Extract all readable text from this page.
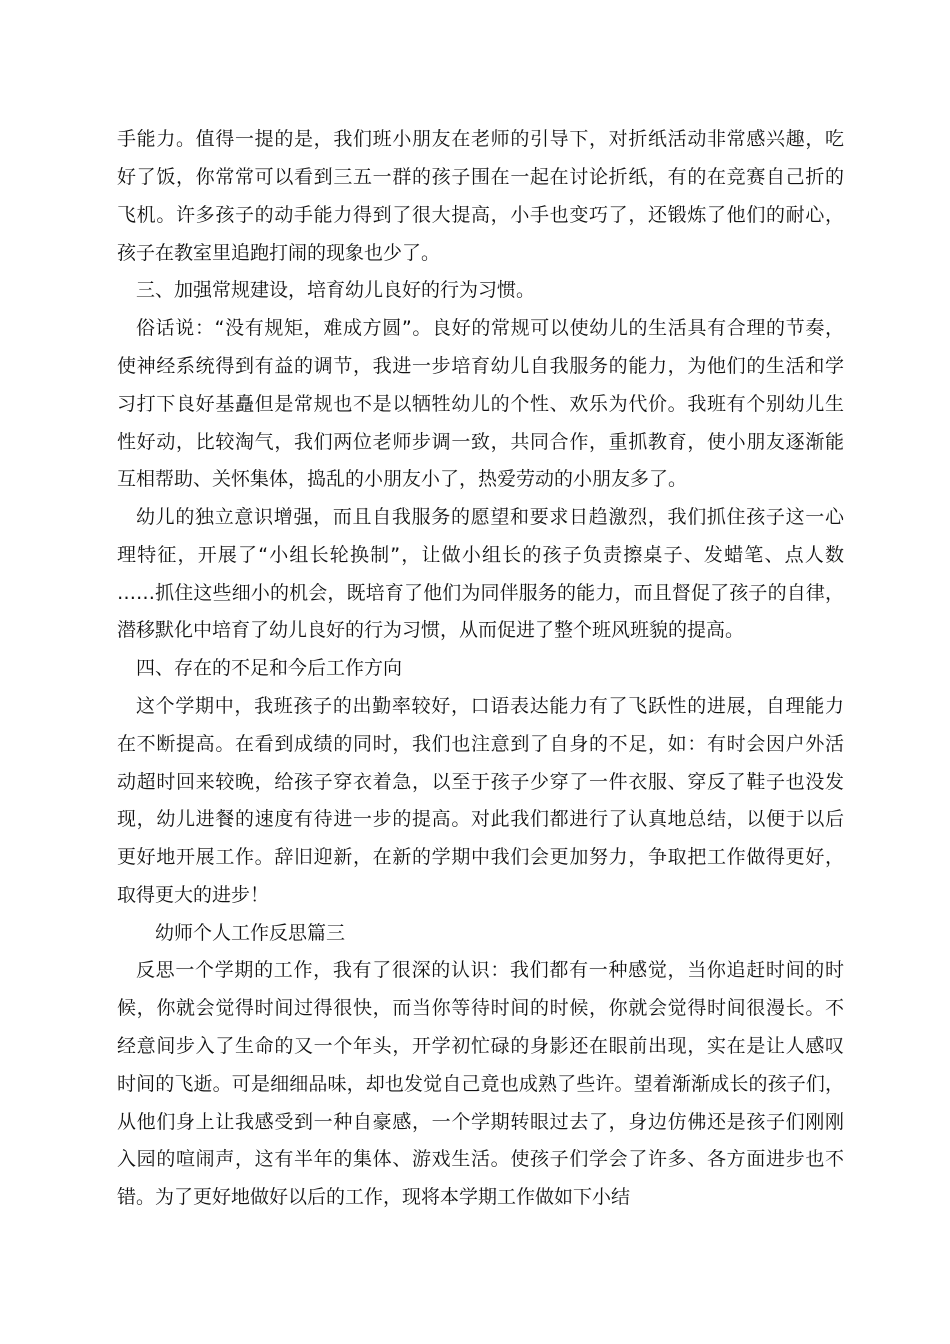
手能力。值得一提的是，我们班小朋友在老师的引导下，对折纸活动非常感兴趣，吃

好了饭，你常常可以看到三五一群的孩子围在一起在讨论折纸，有的在竞赛自己折的

飞机。许多孩子的动手能力得到了很大提高，小手也变巧了，还锻炼了他们的耐心，

孩子在教室里追跑打闹的现象也少了。

三、加强常规建设，培育幼儿良好的行为习惯。

俗话说：“没有规矩，难成方圆”。良好的常规可以使幼儿的生活具有合理的节奏，

使神经系统得到有益的调节，我进一步培育幼儿自我服务的能力，为他们的生活和学

习打下良好基矗但是常规也不是以牺牲幼儿的个性、欢乐为代价。我班有个别幼儿生

性好动，比较淘气，我们两位老师步调一致，共同合作，重抓教育，使小朋友逐渐能

互相帮助、关怀集体，捣乱的小朋友小了，热爱劳动的小朋友多了。

幼儿的独立意识增强，而且自我服务的愿望和要求日趋激烈，我们抓住孩子这一心

理特征，开展了“小组长轮换制”，让做小组长的孩子负责擦桌子、发蜡笔、点人数

……抓住这些细小的机会，既培育了他们为同伴服务的能力，而且督促了孩子的自律，

潜移默化中培育了幼儿良好的行为习惯，从而促进了整个班风班貌的提高。

四、存在的不足和今后工作方向

这个学期中，我班孩子的出勤率较好，口语表达能力有了飞跃性的进展，自理能力

在不断提高。在看到成绩的同时，我们也注意到了自身的不足，如：有时会因户外活

动超时回来较晚，给孩子穿衣着急，以至于孩子少穿了一件衣服、穿反了鞋子也没发

现，幼儿进餐的速度有待进一步的提高。对此我们都进行了认真地总结，以便于以后

更好地开展工作。辞旧迎新，在新的学期中我们会更加努力，争取把工作做得更好，

取得更大的进步！

幼师个人工作反思篇三

反思一个学期的工作，我有了很深的认识：我们都有一种感觉，当你追赶时间的时

候，你就会觉得时间过得很快，而当你等待时间的时候，你就会觉得时间很漫长。不

经意间步入了生命的又一个年头，开学初忙碌的身影还在眼前出现，实在是让人感叹

时间的飞逝。可是细细品味，却也发觉自己竟也成熟了些许。望着渐渐成长的孩子们，

从他们身上让我感受到一种自豪感，一个学期转眼过去了，身边仿佛还是孩子们刚刚

入园的喧闹声，这有半年的集体、游戏生活。使孩子们学会了许多、各方面进步也不

错。为了更好地做好以后的工作，现将本学期工作做如下小结
